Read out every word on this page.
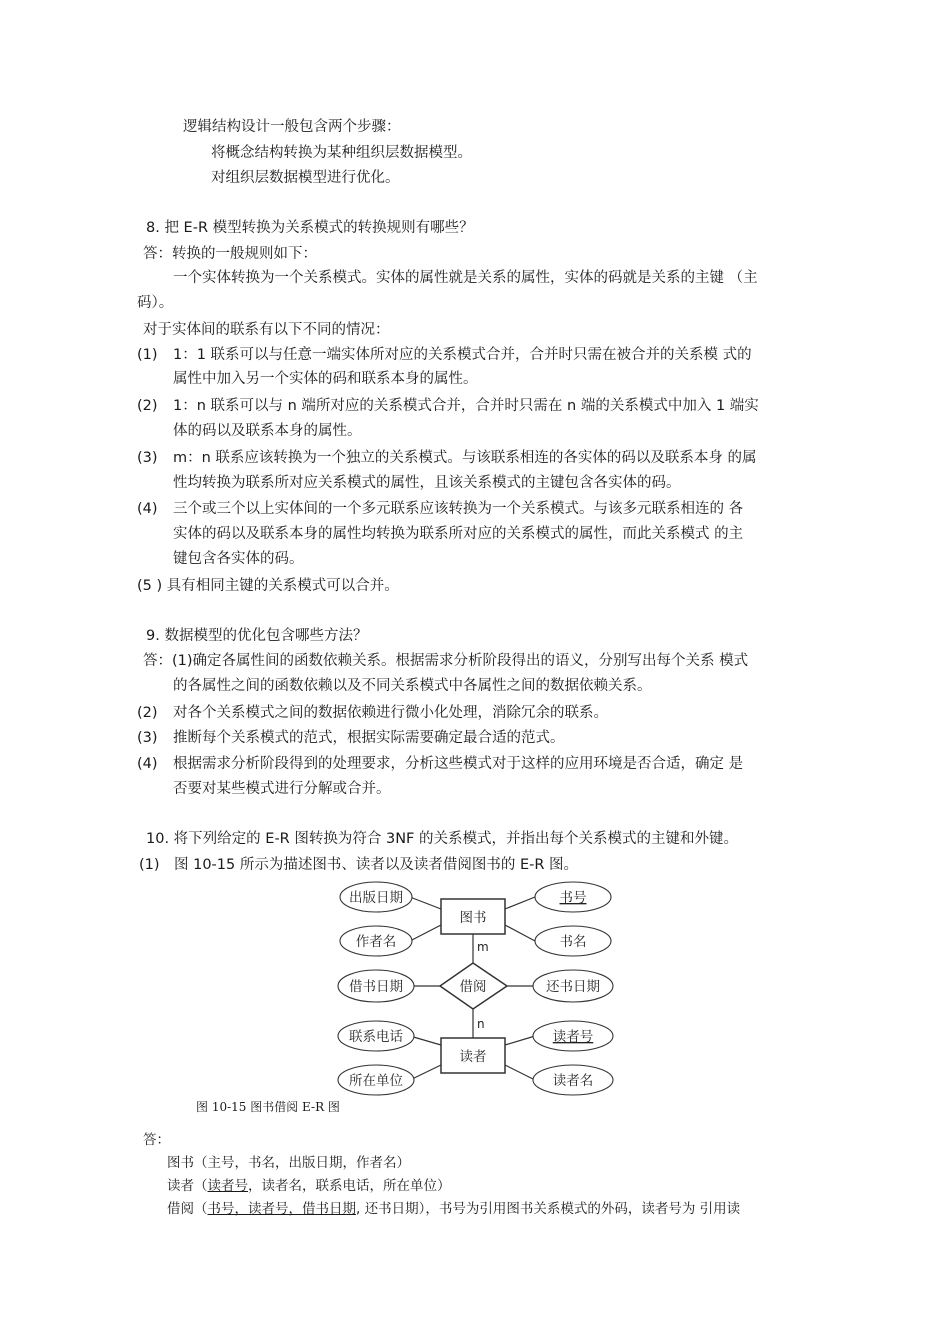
逻辑结构设计一般包含两个步骤：
将概念结构转换为某种组织层数据模型。
对组织层数据模型进行优化。
8. 把 E-R 模型转换为关系模式的转换规则有哪些？
答：转换的一般规则如下：
一个实体转换为一个关系模式。实体的属性就是关系的属性，实体的码就是关系的主键 （主
码）。
对于实体间的联系有以下不同的情况：
(1) 1：1 联系可以与任意一端实体所对应的关系模式合并，合并时只需在被合并的关系模 式的
属性中加入另一个实体的码和联系本身的属性。
(2) 1：n 联系可以与 n 端所对应的关系模式合并，合并时只需在 n 端的关系模式中加入 1 端实
体的码以及联系本身的属性。
(3) m：n 联系应该转换为一个独立的关系模式。与该联系相连的各实体的码以及联系本身 的属
性均转换为联系所对应关系模式的属性，且该关系模式的主键包含各实体的码。
(4) 三个或三个以上实体间的一个多元联系应该转换为一个关系模式。与该多元联系相连的 各
实体的码以及联系本身的属性均转换为联系所对应的关系模式的属性，而此关系模式 的主
键包含各实体的码。
(5 ) 具有相同主键的关系模式可以合并。
9. 数据模型的优化包含哪些方法？
答：(1)确定各属性间的函数依赖关系。根据需求分析阶段得出的语义，分别写出每个关系 模式
的各属性之间的函数依赖以及不同关系模式中各属性之间的数据依赖关系。
(2) 对各个关系模式之间的数据依赖进行微小化处理，消除冗余的联系。
(3) 推断每个关系模式的范式，根据实际需要确定最合适的范式。
(4) 根据需求分析阶段得到的处理要求，分析这些模式对于这样的应用环境是否合适，确定 是
否要对某些模式进行分解或合并。
10. 将下列给定的 E-R 图转换为符合 3NF 的关系模式，并指出每个关系模式的主键和外键。
(1) 图 10-15 所示为描述图书、读者以及读者借阅图书的 E-R 图。
图书
读者
借阅
出版日期
作者名
书号
书名
借书日期	还书日期
联系电话
所在单位
读者号
读者名
m
n
图 10-15 图书借阅 E-R 图
答：
图书（主号，书名，出版日期，作者名）
读者（读者号，读者名，联系电话，所在单位）
借阅（书号，读者号，借书日期, 还书日期），书号为引用图书关系模式的外码，读者号为 引用读
